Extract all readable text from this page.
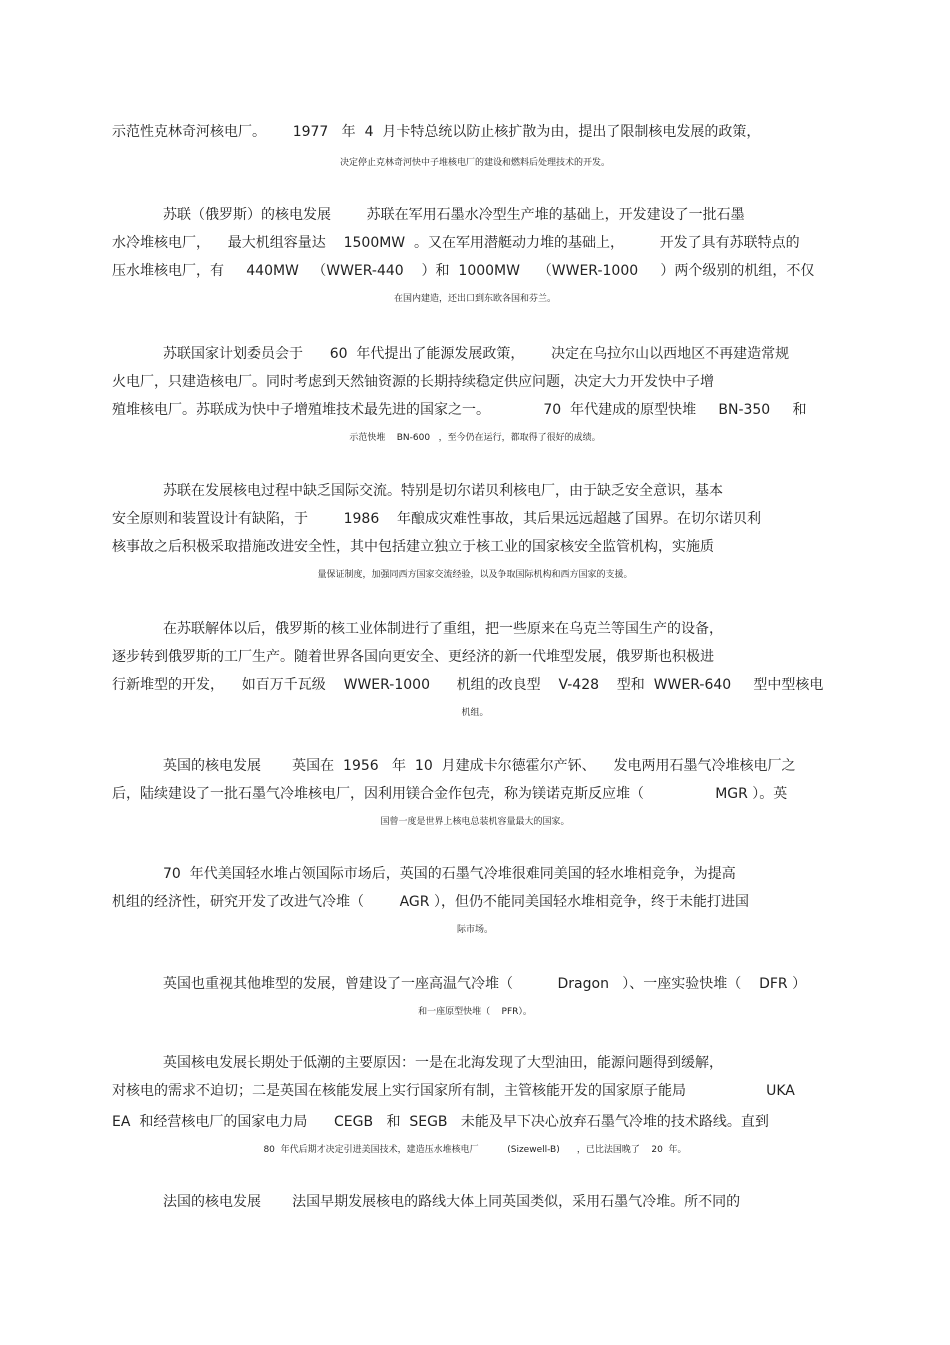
示范性克林奇河核电厂。      1977   年  4  月卡特总统以防止核扩散为由，提出了限制核电发展的政策，
决定停止克林奇河快中子堆核电厂的建设和燃料后处理技术的开发。
苏联（俄罗斯）的核电发展        苏联在军用石墨水冷型生产堆的基础上，开发建设了一批石墨
水冷堆核电厂，    最大机组容量达    1500MW  。又在军用潜艇动力堆的基础上，        开发了具有苏联特点的
压水堆核电厂，有     440MW   （WWER-440    ）和  1000MW    （WWER-1000     ）两个级别的机组，不仅
在国内建造，还出口到东欧各国和芬兰。
苏联国家计划委员会于      60  年代提出了能源发展政策，      决定在乌拉尔山以西地区不再建造常规
火电厂，只建造核电厂。同时考虑到天然铀资源的长期持续稳定供应问题，决定大力开发快中子增
殖堆核电厂。苏联成为快中子增殖堆技术最先进的国家之一。            70  年代建成的原型快堆     BN-350     和
示范快堆    BN-600   ，至今仍在运行，都取得了很好的成绩。
苏联在发展核电过程中缺乏国际交流。特别是切尔诺贝利核电厂，由于缺乏安全意识，基本
安全原则和装置设计有缺陷，于        1986    年酿成灾难性事故，其后果远远超越了国界。在切尔诺贝利
核事故之后积极采取措施改进安全性，其中包括建立独立于核工业的国家核安全监管机构，实施质
量保证制度，加强同西方国家交流经验，以及争取国际机构和西方国家的支援。
在苏联解体以后，俄罗斯的核工业体制进行了重组，把一些原来在乌克兰等国生产的设备，
逐步转到俄罗斯的工厂生产。随着世界各国向更安全、更经济的新一代堆型发展，俄罗斯也积极进
行新堆型的开发，    如百万千瓦级    WWER-1000      机组的改良型    V-428    型和  WWER-640     型中型核电
机组。
英国的核电发展       英国在  1956   年  10  月建成卡尔德霍尔产钚、    发电两用石墨气冷堆核电厂之
后，陆续建设了一批石墨气冷堆核电厂，因利用镁合金作包壳，称为镁诺克斯反应堆（                MGR ）。英
国曾一度是世界上核电总装机容量最大的国家。
70  年代美国轻水堆占领国际市场后，英国的石墨气冷堆很难同美国的轻水堆相竞争，为提高
机组的经济性，研究开发了改进气冷堆（        AGR ），但仍不能同美国轻水堆相竞争，终于未能打进国
际市场。
英国也重视其他堆型的发展，曾建设了一座高温气冷堆（          Dragon   ）、一座实验快堆（    DFR ）
和一座原型快堆（    PFR）。
英国核电发展长期处于低潮的主要原因：一是在北海发现了大型油田，能源问题得到缓解，
对核电的需求不迫切；二是英国在核能发展上实行国家所有制，主管核能开发的国家原子能局                  UKA
EA  和经营核电厂的国家电力局      CEGB   和  SEGB   未能及早下决心放弃石墨气冷堆的技术路线。直到
80  年代后期才决定引进美国技术，建造压水堆核电厂          (Sizewell-B)      ，已比法国晚了    20  年。
法国的核电发展       法国早期发展核电的路线大体上同英国类似，采用石墨气冷堆。所不同的
